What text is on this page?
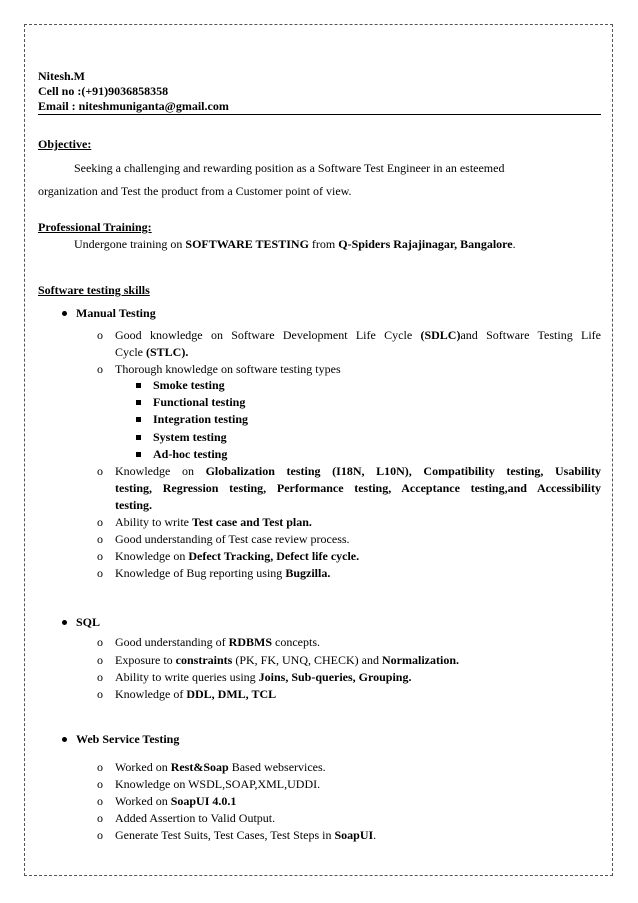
Nitesh.M
Cell no :(+91)9036858358
Email : niteshmuniganta@gmail.com
Objective:
Seeking a challenging and rewarding position as a Software Test Engineer in an esteemed
organization and Test the product from a Customer point of view.
Professional Training:
Undergone training on SOFTWARE TESTING from Q-Spiders Rajajinagar, Bangalore.
Software testing skills
Manual Testing
o Good knowledge on Software Development Life Cycle (SDLC)and Software Testing Life
Cycle (STLC).
o Thorough knowledge on software testing types
Smoke testing
Functional testing
Integration testing
System testing
Ad-hoc testing
o Knowledge on Globalization testing (I18N, L10N), Compatibility testing, Usability
testing, Regression testing, Performance testing, Acceptance testing,and Accessibility
testing.
o Ability to write Test case and Test plan.
o Good understanding of Test case review process.
o Knowledge on Defect Tracking, Defect life cycle.
o Knowledge of Bug reporting using Bugzilla.
SQL
o Good understanding of RDBMS concepts.
o Exposure to constraints (PK, FK, UNQ, CHECK) and Normalization.
o Ability to write queries using Joins, Sub-queries, Grouping.
o Knowledge of DDL, DML, TCL
Web Service Testing
o Worked on Rest&Soap Based webservices.
o Knowledge on WSDL,SOAP,XML,UDDI.
o Worked on SoapUI 4.0.1
o Added Assertion to Valid Output.
o Generate Test Suits, Test Cases, Test Steps in SoapUI.
